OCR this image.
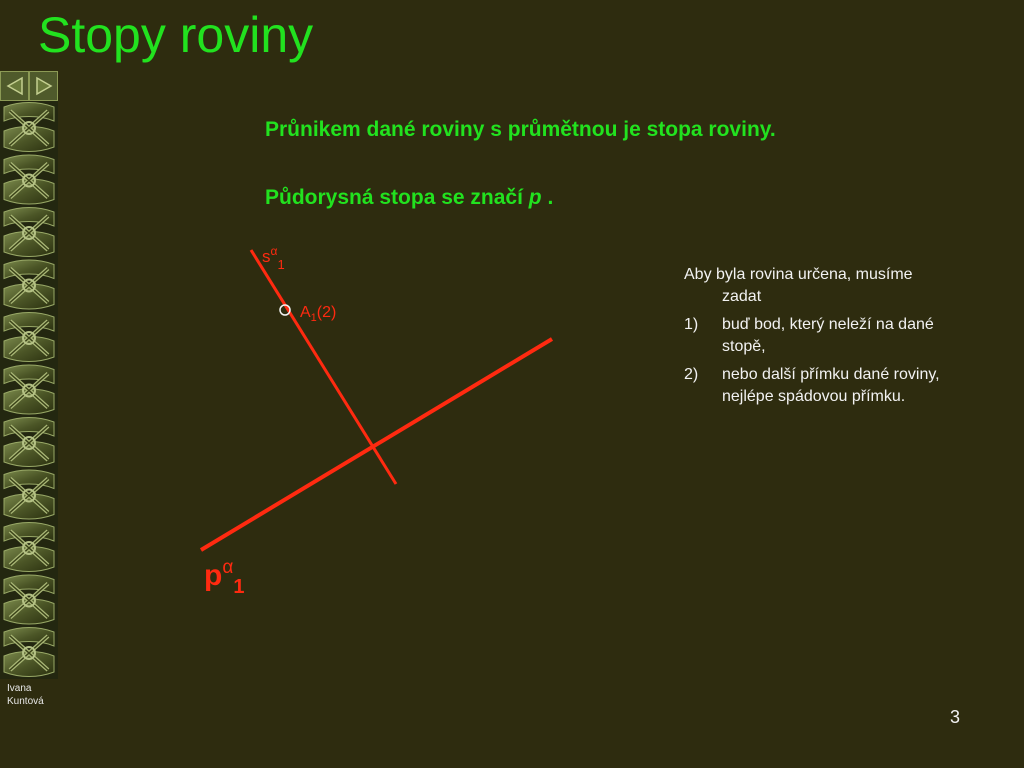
Stopy roviny
Ivana
Kuntová
Průnikem dané roviny s průmětnou je stopa roviny.
Půdorysná stopa se značí p .
$s^\alpha_1$
$A_1(2)$
$p^\alpha_1$

Aby byla rovina určena, musíme zadat

1)	buď bod, který neleží na dané stopě,
2)	nebo další přímku dané roviny, nejlépe spádovou přímku.
3
